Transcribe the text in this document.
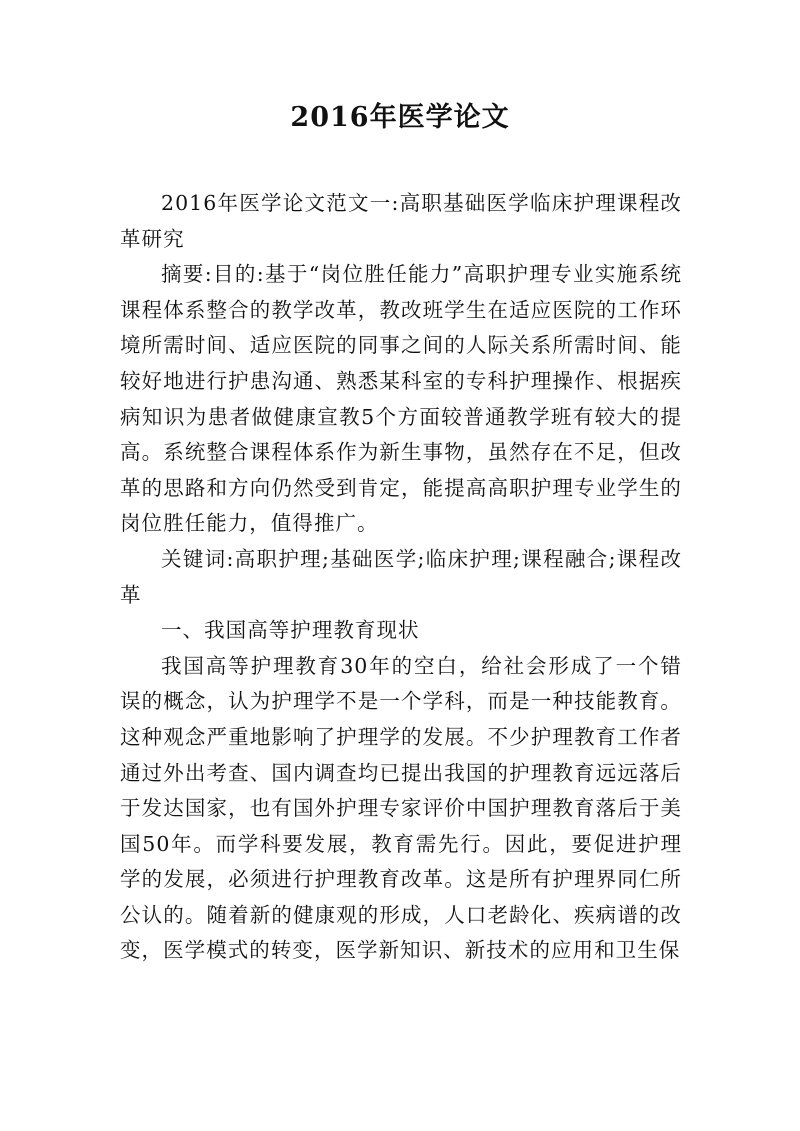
2016年医学论文

2016年医学论文范文一:高职基础医学临床护理课程改革研究

摘要:目的:基于“岗位胜任能力”高职护理专业实施系统课程体系整合的教学改革，教改班学生在适应医院的工作环境所需时间、适应医院的同事之间的人际关系所需时间、能较好地进行护患沟通、熟悉某科室的专科护理操作、根据疾病知识为患者做健康宣教5个方面较普通教学班有较大的提高。系统整合课程体系作为新生事物，虽然存在不足，但改革的思路和方向仍然受到肯定，能提高高职护理专业学生的岗位胜任能力，值得推广。

关键词:高职护理;基础医学;临床护理;课程融合;课程改革

一、我国高等护理教育现状

我国高等护理教育30年的空白，给社会形成了一个错误的概念，认为护理学不是一个学科，而是一种技能教育。这种观念严重地影响了护理学的发展。不少护理教育工作者通过外出考查、国内调查均已提出我国的护理教育远远落后于发达国家，也有国外护理专家评价中国护理教育落后于美国50年。而学科要发展，教育需先行。因此，要促进护理学的发展，必须进行护理教育改革。这是所有护理界同仁所公认的。随着新的健康观的形成，人口老龄化、疾病谱的改变，医学模式的转变，医学新知识、新技术的应用和卫生保
